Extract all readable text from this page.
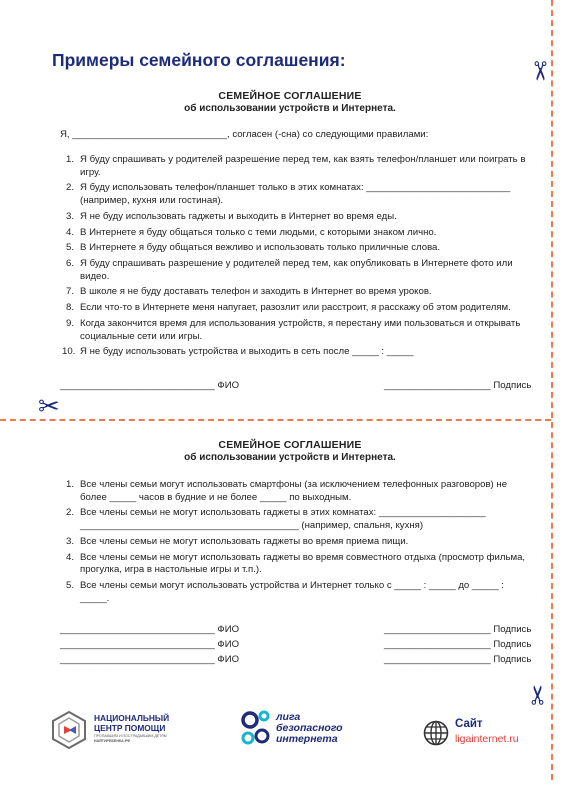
Примеры семейного соглашения:
✂
✂
✂
СЕМЕЙНОЕ СОГЛАШЕНИЕ
об использовании устройств и Интернета.
Я, _____________________________, согласен (-сна) со следующими правилами:
1. Я буду спрашивать у родителей разрешение перед тем, как взять телефон/планшет или поиграть в игру.
2. Я буду использовать телефон/планшет только в этих комнатах: ___________________________ (например, кухня или гостиная).
3. Я не буду использовать гаджеты и выходить в Интернет во время еды.
4. В Интернете я буду общаться только с теми людьми, с которыми знаком лично.
5. В Интернете я буду общаться вежливо и использовать только приличные слова.
6. Я буду спрашивать разрешение у родителей перед тем, как опубликовать в Интернете фото или видео.
7. В школе я не буду доставать телефон и заходить в Интернет во время уроков.
8. Если что-то в Интернете меня напугает, разозлит или расстроит, я расскажу об этом родителям.
9. Когда закончится время для использования устройств, я перестану ими пользоваться и открывать социальные сети или игры.
10. Я не буду использовать устройства и выходить в сеть после _____ : _____
_____________________________ ФИО	____________________ Подпись
СЕМЕЙНОЕ СОГЛАШЕНИЕ
об использовании устройств и Интернета.
1. Все члены семьи могут использовать смартфоны (за исключением телефонных разговоров) не более _____ часов в будние и не более _____ по выходным.
2. Все члены семьи не могут использовать гаджеты в этих комнатах: ____________________ _________________________________________ (например, спальня, кухня)
3. Все члены семьи не могут использовать гаджеты во время приема пищи.
4. Все члены семьи не могут использовать гаджеты во время совместного отдыха (просмотр фильма, прогулка, игра в настольные игры и т.п.).
5. Все члены семьи могут использовать устройства и Интернет только с _____ : _____ до _____ : _____.
_____________________________ ФИО
_____________________________ ФИО
_____________________________ ФИО
____________________ Подпись
____________________ Подпись
____________________ Подпись
НАЦИОНАЛЬНЫЙ
ЦЕНТР ПОМОЩИ
ПРОПАВШИМ И ПОСТРАДАВШИМ ДЕТЯМ
НАЙТИРЕБЕНКА.РФ
лига
безопасного
интернета
Сайт
ligainternet.ru
